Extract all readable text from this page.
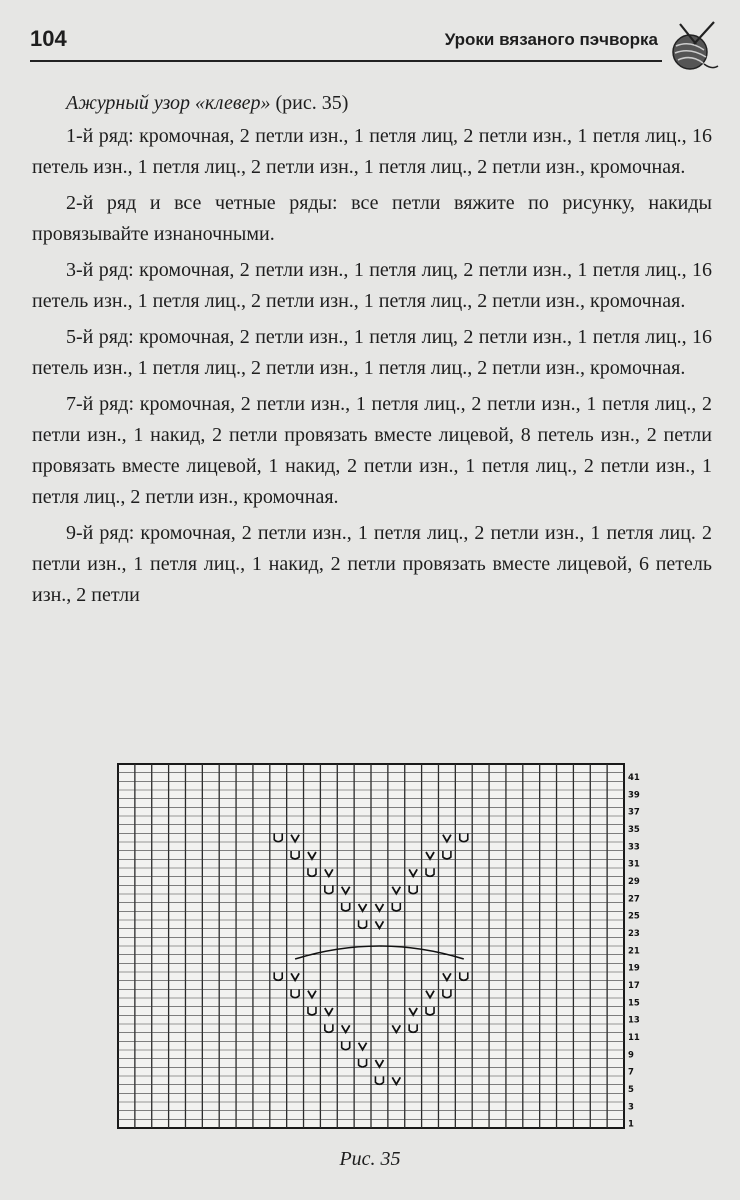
104	Уроки вязаного пэчворка

Ажурный узор «клевер» (рис. 35)

1-й ряд: кромочная, 2 петли изн., 1 петля лиц, 2 петли изн., 1 петля лиц., 16 петель изн., 1 петля лиц., 2 петли изн., 1 петля лиц., 2 петли изн., кромочная.

2-й ряд и все четные ряды: все петли вяжите по рисунку, накиды провязывайте изнаночными.

3-й ряд: кромочная, 2 петли изн., 1 петля лиц, 2 петли изн., 1 петля лиц., 16 петель изн., 1 петля лиц., 2 петли изн., 1 петля лиц., 2 петли изн., кромочная.

5-й ряд: кромочная, 2 петли изн., 1 петля лиц, 2 петли изн., 1 петля лиц., 16 петель изн., 1 петля лиц., 2 петли изн., 1 петля лиц., 2 петли изн., кромочная.

7-й ряд: кромочная, 2 петли изн., 1 петля лиц., 2 петли изн., 1 петля лиц., 2 петли изн., 1 накид, 2 петли провязать вместе лицевой, 8 петель изн., 2 петли провязать вместе лицевой, 1 накид, 2 петли изн., 1 петля лиц., 2 петли изн., 1 петля лиц., 2 петли изн., кромочная.

9-й ряд: кромочная, 2 петли изн., 1 петля лиц., 2 петли изн., 1 петля лиц. 2 петли изн., 1 петля лиц., 1 накид, 2 петли провязать вместе лицевой, 6 петель изн., 2 петли

41
39
37
35
33
31
29
27
25
23
21
19
17
15
13
11
9
7
5
3
1
Рис. 35
